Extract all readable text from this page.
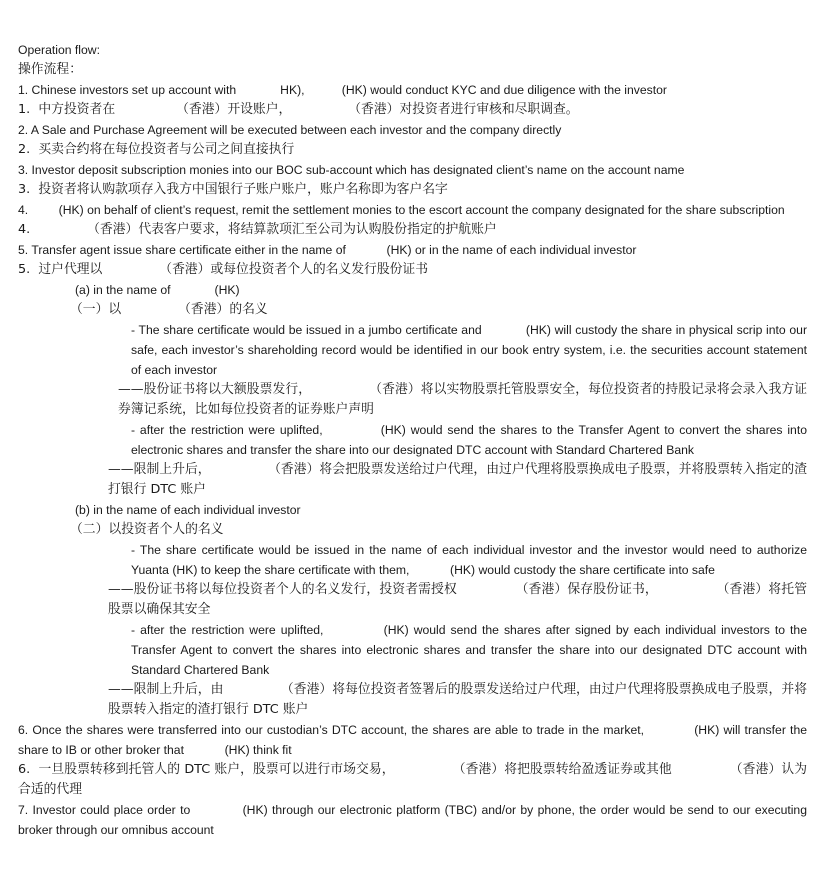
Operation flow:
操作流程：
1. Chinese investors set up account with             HK),           (HK) would conduct KYC and due diligence with the investor
1.  中方投资者在               （香港）开设账户，              （香港）对投资者进行审核和尽职调查。
2. A Sale and Purchase Agreement will be executed between each investor and the company directly
2.  买卖合约将在每位投资者与公司之间直接执行
3. Investor deposit subscription monies into our BOC sub-account which has designated client’s name on the account name
3.  投资者将认购款项存入我方中国银行子账户账户，账户名称即为客户名字
4.         (HK) on behalf of client’s request, remit the settlement monies to the escort account the company designated for the share subscription
4.              （香港）代表客户要求，将结算款项汇至公司为认购股份指定的护航账户
5. Transfer agent issue share certificate either in the name of            (HK) or in the name of each individual investor
5.  过户代理以              （香港）或每位投资者个人的名义发行股份证书
(a) in the name of             (HK)
（一）以              （香港）的名义
- The share certificate would be issued in a jumbo certificate and            (HK) will custody the share in physical scrip into our safe, each investor’s shareholding record would be identified in our book entry system, i.e. the securities account statement of each investor
——股份证书将以大额股票发行，              （香港）将以实物股票托管股票安全，每位投资者的持股记录将会录入我方证券簿记系统，比如每位投资者的证券账户声明
- after the restriction were uplifted,            (HK) would send the shares to the Transfer Agent to convert the shares into electronic shares and transfer the share into our designated DTC account with Standard Chartered Bank
——限制上升后，              （香港）将会把股票发送给过户代理，由过户代理将股票换成电子股票，并将股票转入指定的渣打银行 DTC 账户
(b) in the name of each individual investor
（二）以投资者个人的名义
- The share certificate would be issued in the name of each individual investor and the investor would need to authorize Yuanta (HK) to keep the share certificate with them,            (HK) would custody the share certificate into safe
——股份证书将以每位投资者个人的名义发行，投资者需授权              （香港）保存股份证书，              （香港）将托管股票以确保其安全
- after the restriction were uplifted,            (HK) would send the shares after signed by each individual investors to the Transfer Agent to convert the shares into electronic shares and transfer the share into our designated DTC account with Standard Chartered Bank
——限制上升后，由              （香港）将每位投资者签署后的股票发送给过户代理，由过户代理将股票换成电子股票，并将股票转入指定的渣打银行 DTC 账户
6. Once the shares were transferred into our custodian’s DTC account, the shares are able to trade in the market,            (HK) will transfer the share to IB or other broker that            (HK) think fit
6.  一旦股票转移到托管人的 DTC 账户，股票可以进行市场交易，              （香港）将把股票转给盈透证券或其他              （香港）认为合适的代理
7. Investor could place order to            (HK) through our electronic platform (TBC) and/or by phone, the order would be send to our executing broker through our omnibus account
